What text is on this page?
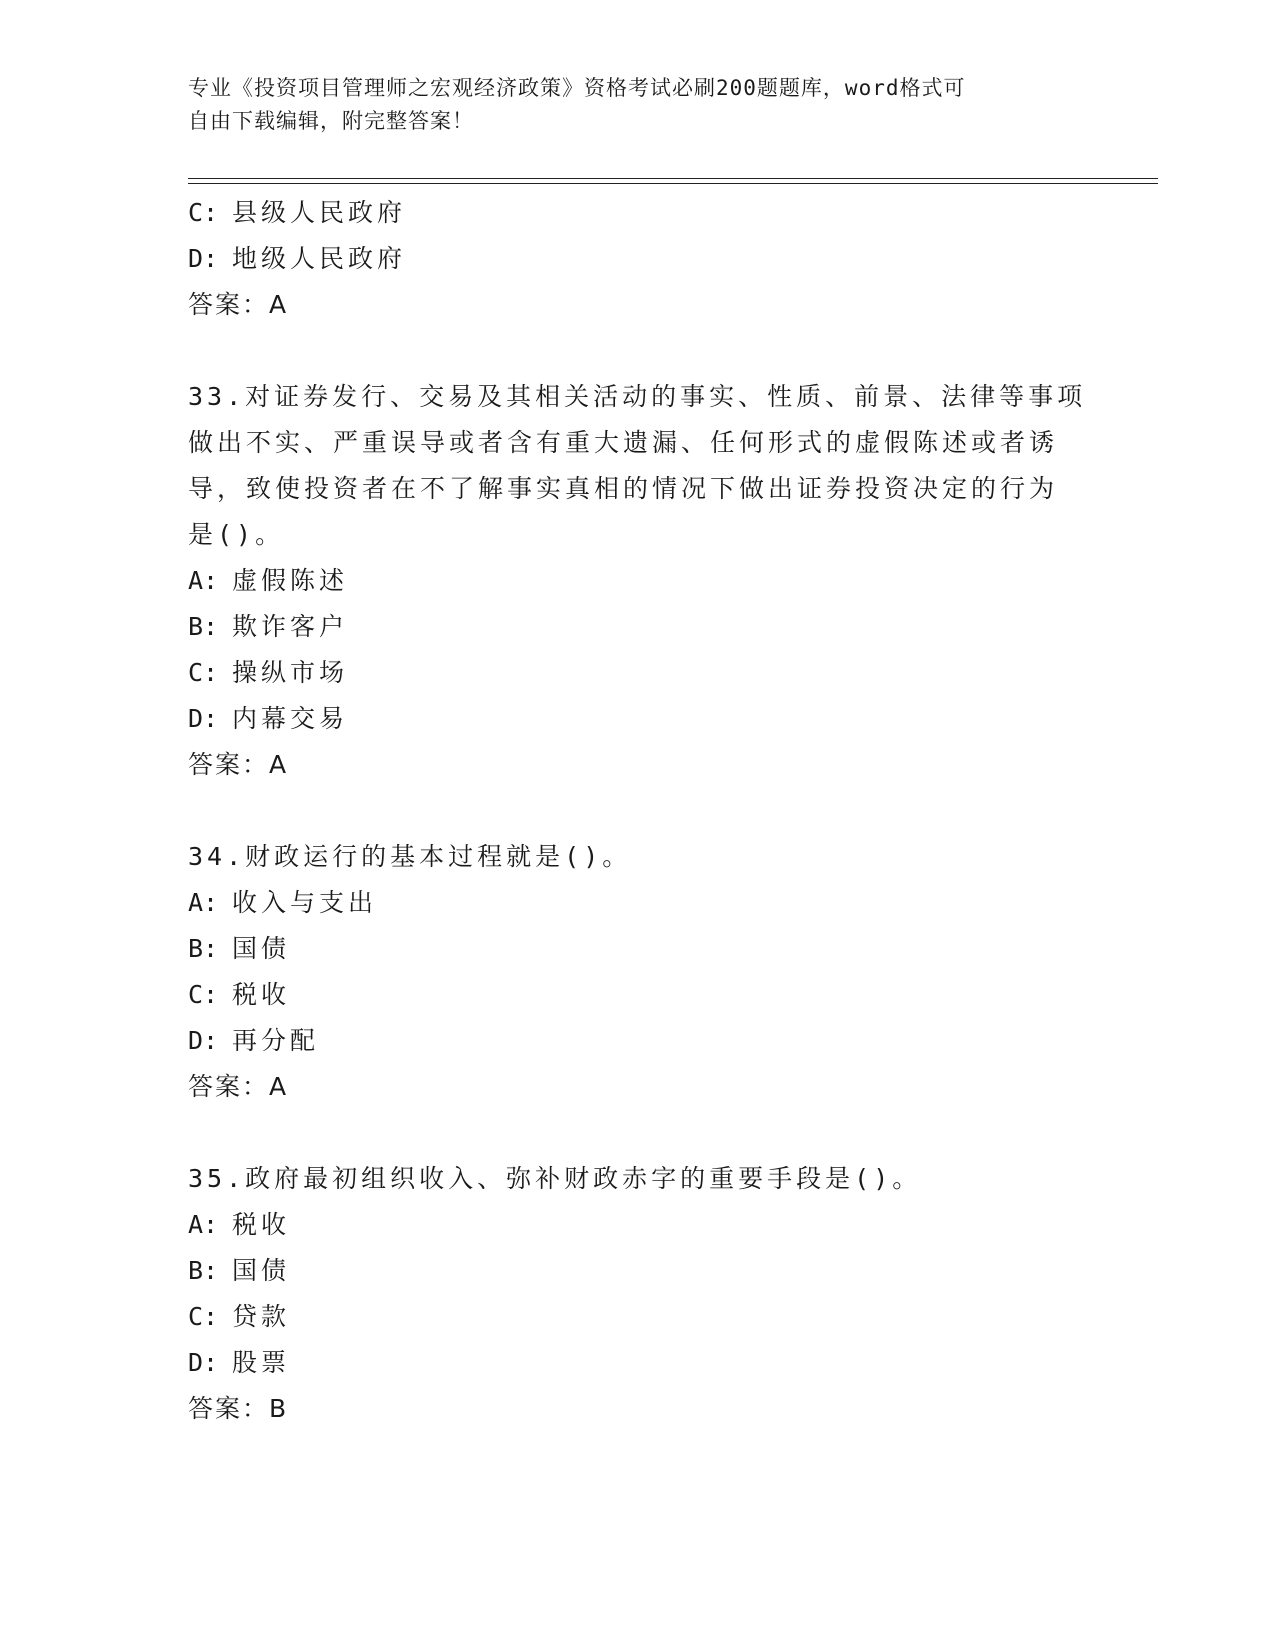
专业《投资项目管理师之宏观经济政策》资格考试必刷200题题库，word格式可
自由下载编辑，附完整答案！
C: 县级人民政府
D: 地级人民政府
答案：A
33.对证券发行、交易及其相关活动的事实、性质、前景、法律等事项
做出不实、严重误导或者含有重大遗漏、任何形式的虚假陈述或者诱
导，致使投资者在不了解事实真相的情况下做出证券投资决定的行为
是()。
A: 虚假陈述
B: 欺诈客户
C: 操纵市场
D: 内幕交易
答案：A
34.财政运行的基本过程就是()。
A: 收入与支出
B: 国债
C: 税收
D: 再分配
答案：A
35.政府最初组织收入、弥补财政赤字的重要手段是()。
A: 税收
B: 国债
C: 贷款
D: 股票
答案：B
